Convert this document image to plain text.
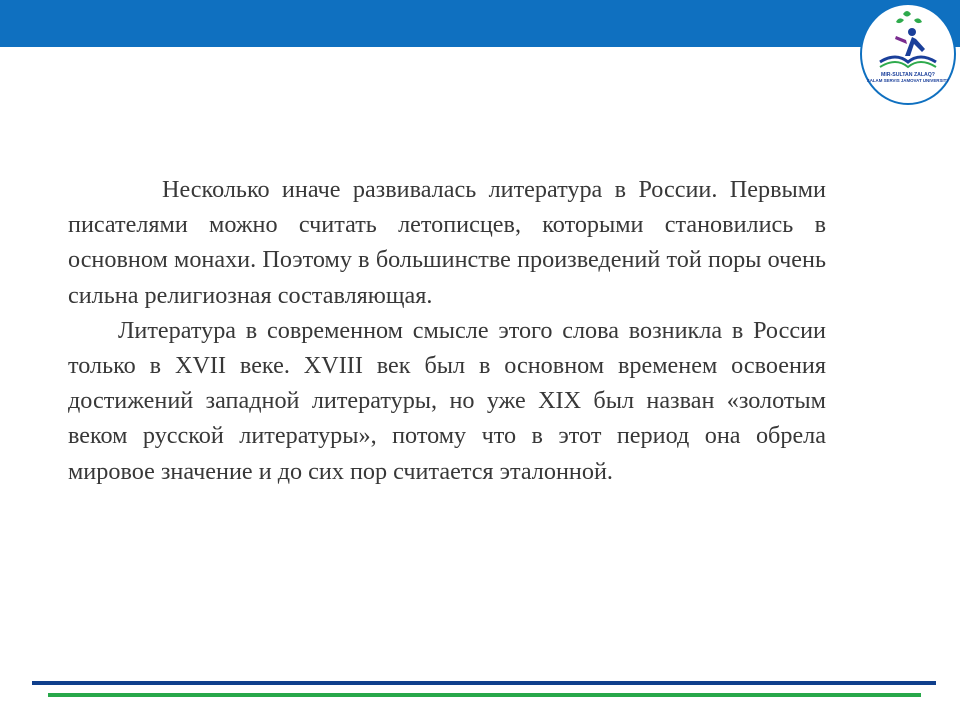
MIR-SULTAN ZALAQ?
SALAM SERVIS JAMOVAT UNIVERSITY

Несколько иначе развивалась литература в России. Первыми писателями можно считать летописцев, которыми становились в основном монахи. Поэтому в большинстве произведений той поры очень сильна религиозная составляющая.

Литература в современном смысле этого слова возникла в России только в XVII веке. XVIII век был в основном временем освоения достижений западной литературы, но уже XIX был назван «золотым веком русской литературы», потому что в этот период она обрела мировое значение и до сих пор считается эталонной.
